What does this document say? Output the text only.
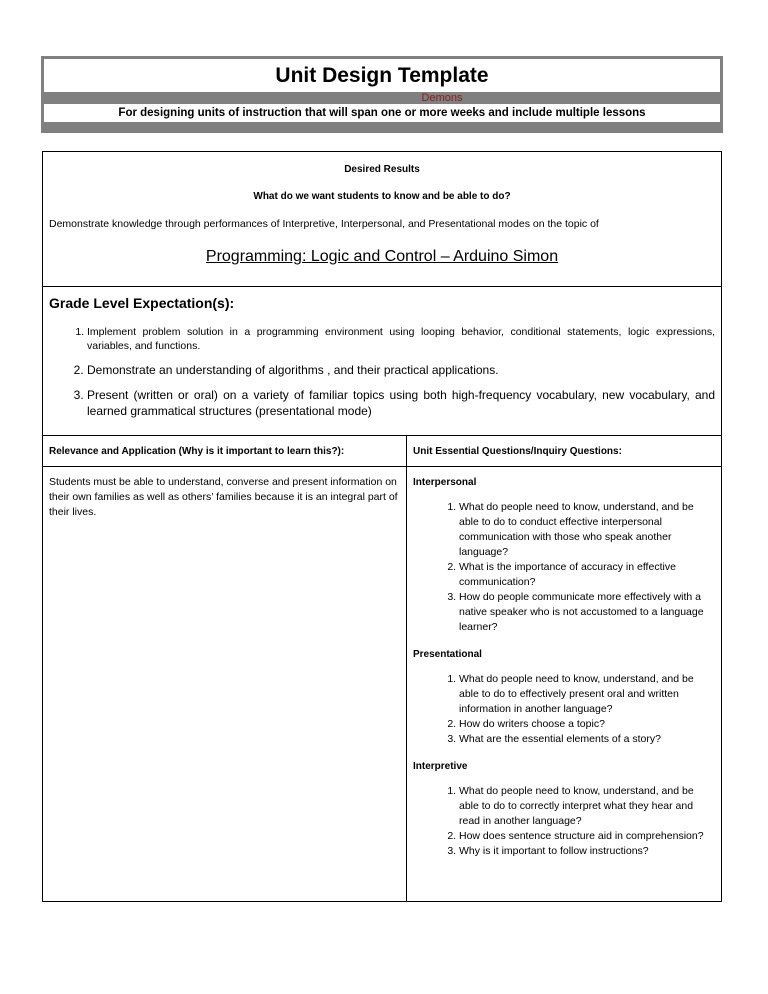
Unit Design Template
Demons
For designing units of instruction that will span one or more weeks and include multiple lessons
Desired Results
What do we want students to know and be able to do?
Demonstrate knowledge through performances of Interpretive, Interpersonal, and Presentational modes on the topic of
Programming: Logic and Control – Arduino Simon
Grade Level Expectation(s):
1. Implement problem solution in a programming environment using looping behavior, conditional statements, logic expressions, variables, and functions.
2. Demonstrate an understanding of algorithms , and their practical applications.
3. Present (written or oral) on a variety of familiar topics using both high-frequency vocabulary, new vocabulary, and learned grammatical structures (presentational mode)
Relevance and Application (Why is it important to learn this?):
Students must be able to understand, converse and present information on their own families as well as others’ families because it is an integral part of their lives.
Unit Essential Questions/Inquiry Questions:
Interpersonal
1. What do people need to know, understand, and be able to do to conduct effective interpersonal communication with those who speak another language?
2. What is the importance of accuracy in effective communication?
3. How do people communicate more effectively with a native speaker who is not accustomed to a language learner?
Presentational
1. What do people need to know, understand, and be able to do to effectively present oral and written information in another language?
2. How do writers choose a topic?
3. What are the essential elements of a story?
Interpretive
1. What do people need to know, understand, and be able to do to correctly interpret what they hear and read in another language?
2. How does sentence structure aid in comprehension?
3. Why is it important to follow instructions?
